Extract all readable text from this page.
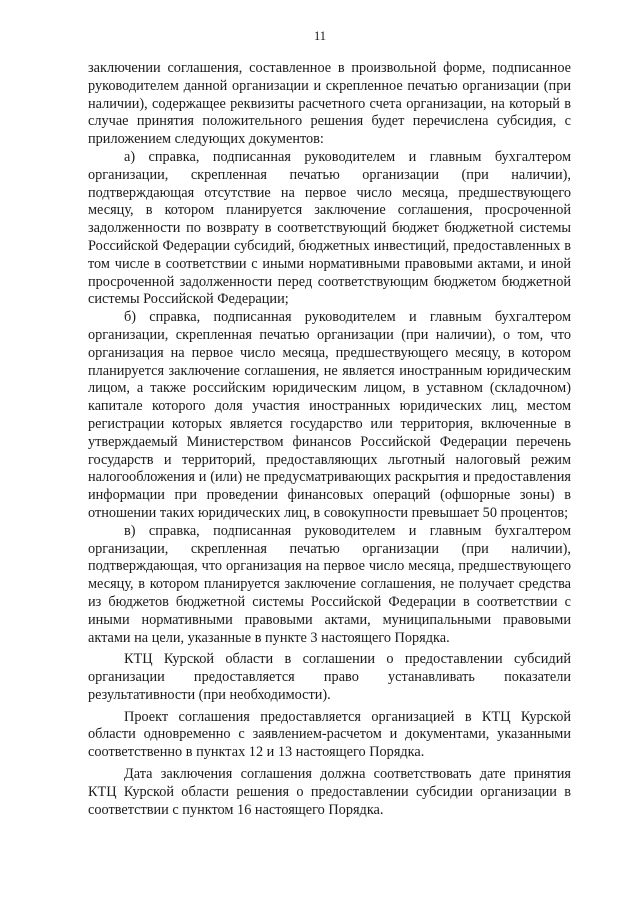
11

заключении соглашения, составленное в произвольной форме, подписанное руководителем данной организации и скрепленное печатью организации (при наличии), содержащее реквизиты расчетного счета организации, на который в случае принятия положительного решения будет перечислена субсидия, с приложением следующих документов:

а) справка, подписанная руководителем и главным бухгалтером организации, скрепленная печатью организации (при наличии), подтверждающая отсутствие на первое число месяца, предшествующего месяцу, в котором планируется заключение соглашения, просроченной задолженности по возврату в соответствующий бюджет бюджетной системы Российской Федерации субсидий, бюджетных инвестиций, предоставленных в том числе в соответствии с иными нормативными правовыми актами, и иной просроченной задолженности перед соответствующим бюджетом бюджетной системы Российской Федерации;

б) справка, подписанная руководителем и главным бухгалтером организации, скрепленная печатью организации (при наличии), о том, что организация на первое число месяца, предшествующего месяцу, в котором планируется заключение соглашения, не является иностранным юридическим лицом, а также российским юридическим лицом, в уставном (складочном) капитале которого доля участия иностранных юридических лиц, местом регистрации которых является государство или территория, включенные в утверждаемый Министерством финансов Российской Федерации перечень государств и территорий, предоставляющих льготный налоговый режим налогообложения и (или) не предусматривающих раскрытия и предоставления информации при проведении финансовых операций (офшорные зоны) в отношении таких юридических лиц, в совокупности превышает 50 процентов;

в) справка, подписанная руководителем и главным бухгалтером организации, скрепленная печатью организации (при наличии), подтверждающая, что организация на первое число месяца, предшествующего месяцу, в котором планируется заключение соглашения, не получает средства из бюджетов бюджетной системы Российской Федерации в соответствии с иными нормативными правовыми актами, муниципальными правовыми актами на цели, указанные в пункте 3 настоящего Порядка.

КТЦ Курской области в соглашении о предоставлении субсидий организации предоставляется право устанавливать показатели результативности (при необходимости).

Проект соглашения предоставляется организацией в КТЦ Курской области одновременно с заявлением-расчетом и документами, указанными соответственно в пунктах 12 и 13 настоящего Порядка.

Дата заключения соглашения должна соответствовать дате принятия КТЦ Курской области решения о предоставлении субсидии организации в соответствии с пунктом 16 настоящего Порядка.
